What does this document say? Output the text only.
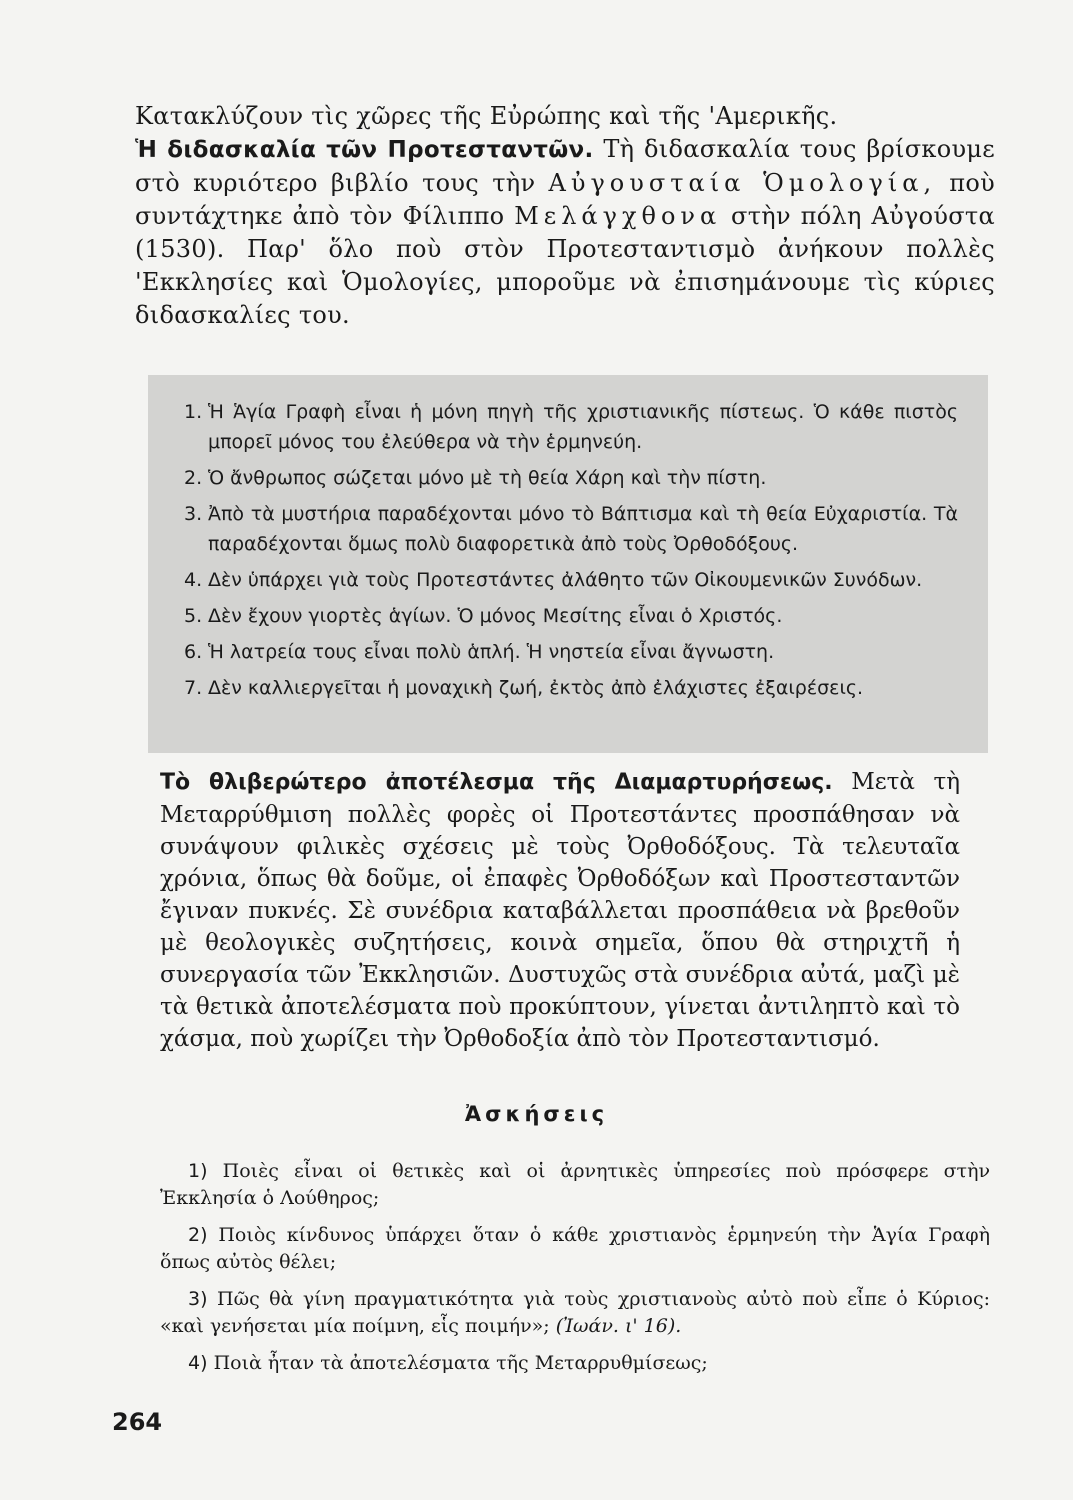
Κατακλύζουν τὶς χῶρες τῆς Εὐρώπης καὶ τῆς 'Αμερικῆς.
Ἡ διδασκαλία τῶν Προτεσταντῶν. Τὴ διδασκαλία τους βρίσκουμε στὸ κυριότερο βιβλίο τους τὴν Αὐγουσταία Ὁμολογία, ποὺ συντάχτηκε ἀπὸ τὸν Φίλιππο Μελάγχθονα στὴν πόλη Αὐγούστα (1530). Παρ' ὅλο ποὺ στὸν Προτεσταντισμὸ ἀνήκουν πολλὲς 'Εκκλησίες καὶ Ὁμολογίες, μποροῦμε νὰ ἐπισημάνουμε τὶς κύριες διδασκαλίες του.
1. Ἡ Ἁγία Γραφὴ εἶναι ἡ μόνη πηγὴ τῆς χριστιανικῆς πίστεως. Ὁ κάθε πιστὸς μπορεῖ μόνος του ἐλεύθερα νὰ τὴν ἑρμηνεύη.
2. Ὁ ἄνθρωπος σώζεται μόνο μὲ τὴ θεία Χάρη καὶ τὴν πίστη.
3. Ἀπὸ τὰ μυστήρια παραδέχονται μόνο τὸ Βάπτισμα καὶ τὴ θεία Εὐχαριστία. Τὰ παραδέχονται ὅμως πολὺ διαφορετικὰ ἀπὸ τοὺς Ὀρθοδόξους.
4. Δὲν ὑπάρχει γιὰ τοὺς Προτεστάντες ἀλάθητο τῶν Οἰκουμενικῶν Συνόδων.
5. Δὲν ἔχουν γιορτὲς ἁγίων. Ὁ μόνος Μεσίτης εἶναι ὁ Χριστός.
6. Ἡ λατρεία τους εἶναι πολὺ ἁπλή. Ἡ νηστεία εἶναι ἄγνωστη.
7. Δὲν καλλιεργεῖται ἡ μοναχικὴ ζωή, ἐκτὸς ἀπὸ ἐλάχιστες ἐξαιρέσεις.
Τὸ θλιβερώτερο ἀποτέλεσμα τῆς Διαμαρτυρήσεως. Μετὰ τὴ Μεταρρύθμιση πολλὲς φορὲς οἱ Προτεστάντες προσπάθησαν νὰ συνάψουν φιλικὲς σχέσεις μὲ τοὺς Ὀρθοδόξους. Τὰ τελευταῖα χρόνια, ὅπως θὰ δοῦμε, οἱ ἐπαφὲς Ὀρθοδόξων καὶ Προστεσταντῶν ἔγιναν πυκνές. Σὲ συνέδρια καταβάλλεται προσπάθεια νὰ βρεθοῦν μὲ θεολογικὲς συζητήσεις, κοινὰ σημεῖα, ὅπου θὰ στηριχτῆ ἡ συνεργασία τῶν Ἐκκλησιῶν. Δυστυχῶς στὰ συνέδρια αὐτά, μαζὶ μὲ τὰ θετικὰ ἀποτελέσματα ποὺ προκύπτουν, γίνεται ἀντιληπτὸ καὶ τὸ χάσμα, ποὺ χωρίζει τὴν Ὀρθοδοξία ἀπὸ τὸν Προτεσταντισμό.
Ἀσκήσεις
1) Ποιὲς εἶναι οἱ θετικὲς καὶ οἱ ἀρνητικὲς ὑπηρεσίες ποὺ πρόσφερε στὴν Ἐκκλησία ὁ Λούθηρος;
2) Ποιὸς κίνδυνος ὑπάρχει ὅταν ὁ κάθε χριστιανὸς ἑρμηνεύη τὴν Ἁγία Γραφὴ ὅπως αὐτὸς θέλει;
3) Πῶς θὰ γίνη πραγματικότητα γιὰ τοὺς χριστιανοὺς αὐτὸ ποὺ εἶπε ὁ Κύριος: «καὶ γενήσεται μία ποίμνη, εἷς ποιμήν»; (Ἰωάν. ι' 16).
4) Ποιὰ ἦταν τὰ ἀποτελέσματα τῆς Μεταρρυθμίσεως;
264
